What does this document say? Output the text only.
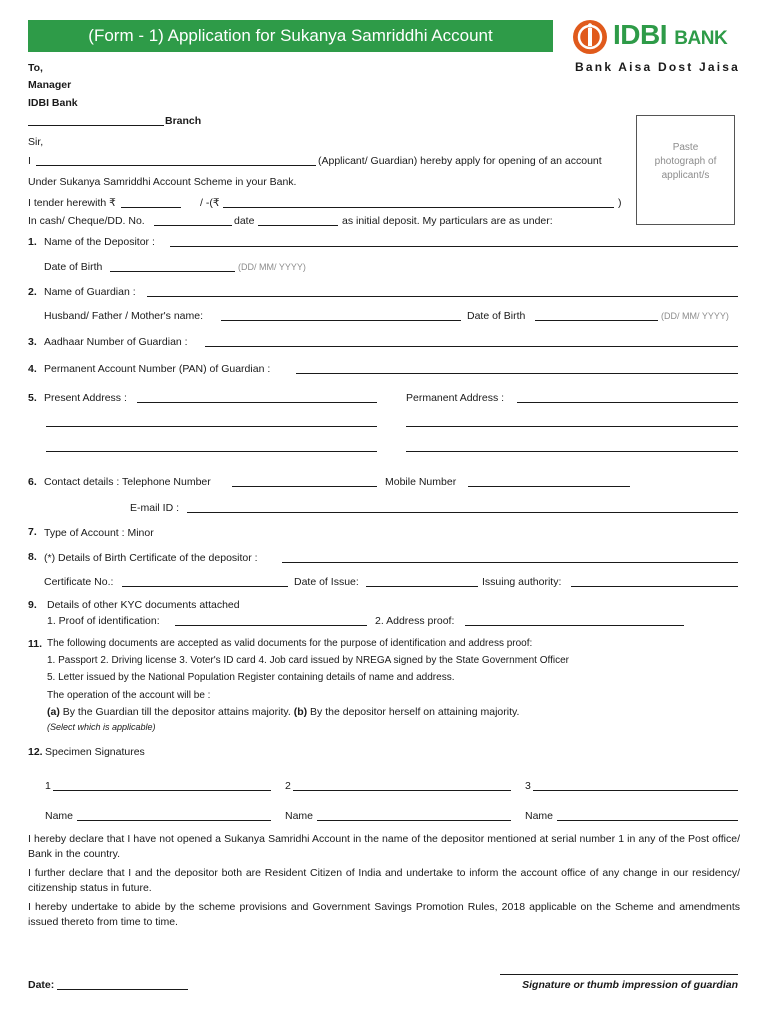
(Form - 1) Application for Sukanya Samriddhi Account	IDBI BANK
Bank Aisa Dost Jaisa
To,
Manager
IDBI Bank
Branch
Paste
photograph of
applicant/s
Sir,
I	(Applicant/ Guardian) hereby apply for opening of an account
Under Sukanya Samriddhi Account Scheme in your Bank.
I tender herewith ₹	/ -(₹	)
In cash/ Cheque/DD. No.	date	as initial deposit. My particulars are as under:
1. Name of the Depositor :
Date of Birth	(DD/ MM/ YYYY)
2. Name of Guardian :
Husband/ Father / Mother's name:	Date of Birth	(DD/ MM/ YYYY)
3. Aadhaar Number of Guardian :
4. Permanent Account Number (PAN) of Guardian :
5. Present Address :	Permanent Address :
6. Contact details : Telephone Number	Mobile Number
E-mail ID :
7. Type of Account : Minor
8. (*) Details of Birth Certificate of the depositor :
Certificate No.:	Date of Issue:	Issuing authority:
9. Details of other KYC documents attached
1. Proof of identification:	2. Address proof:
11. The following documents are accepted as valid documents for the purpose of identification and address proof:
1. Passport 2. Driving license 3. Voter's ID card 4. Job card issued by NREGA signed by the State Government Officer
5. Letter issued by the National Population Register containing details of name and address.
The operation of the account will be :
(a) By the Guardian till the depositor attains majority. (b) By the depositor herself on attaining majority.
(Select which is applicable)
12. Specimen Signatures
1	2	3
Name	Name	Name
I hereby declare that I have not opened a Sukanya Samridhi Account in the name of the depositor mentioned at serial number 1 in any of the Post office/ Bank in the country.
I further declare that I and the depositor both are Resident Citizen of India and undertake to inform the account office of any change in our residency/ citizenship status in future.
I hereby undertake to abide by the scheme provisions and Government Savings Promotion Rules, 2018 applicable on the Scheme and amendments issued thereto from time to time.
Date:	Signature or thumb impression of guardian
